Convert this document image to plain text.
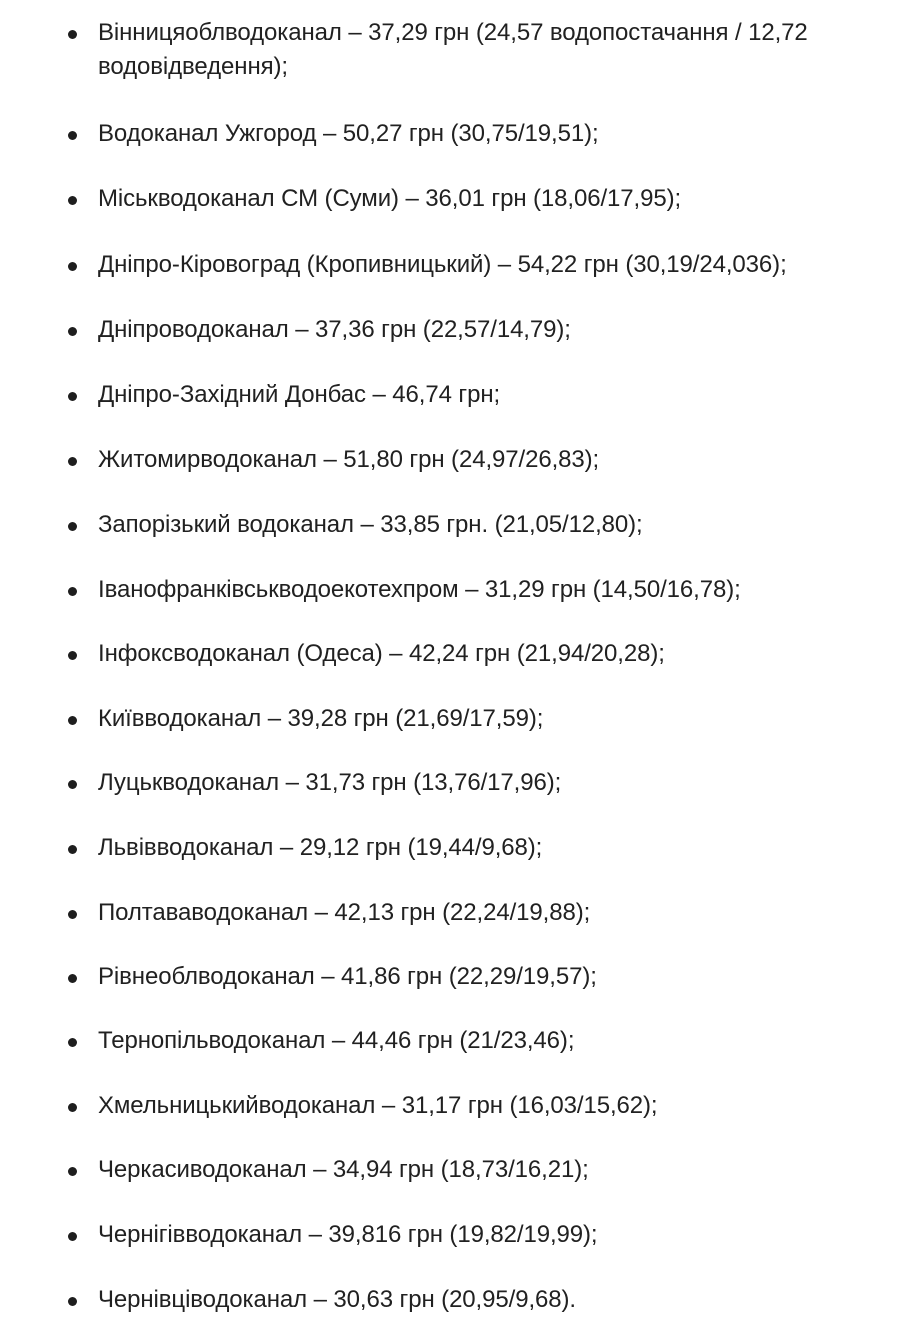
Вінницяоблводоканал – 37,29 грн (24,57 водопостачання / 12,72 водовідведення);
Водоканал Ужгород – 50,27 грн (30,75/19,51);
Міськводоканал СМ (Суми) – 36,01 грн (18,06/17,95);
Дніпро-Кіровоград (Кропивницький) – 54,22 грн (30,19/24,036);
Дніпроводоканал – 37,36 грн (22,57/14,79);
Дніпро-Західний Донбас – 46,74 грн;
Житомирводоканал – 51,80 грн (24,97/26,83);
Запорізький водоканал – 33,85 грн. (21,05/12,80);
Іванофранківськводоекотехпром – 31,29 грн (14,50/16,78);
Інфоксводоканал (Одеса) – 42,24 грн (21,94/20,28);
Київводоканал – 39,28 грн (21,69/17,59);
Луцькводоканал – 31,73 грн (13,76/17,96);
Львівводоканал – 29,12 грн (19,44/9,68);
Полтававодоканал – 42,13 грн (22,24/19,88);
Рівнеоблводоканал – 41,86 грн (22,29/19,57);
Тернопільводоканал – 44,46 грн (21/23,46);
Хмельницькийводоканал – 31,17 грн (16,03/15,62);
Черкасиводоканал – 34,94 грн (18,73/16,21);
Чернігівводоканал – 39,816 грн (19,82/19,99);
Чернівціводоканал – 30,63 грн (20,95/9,68).
